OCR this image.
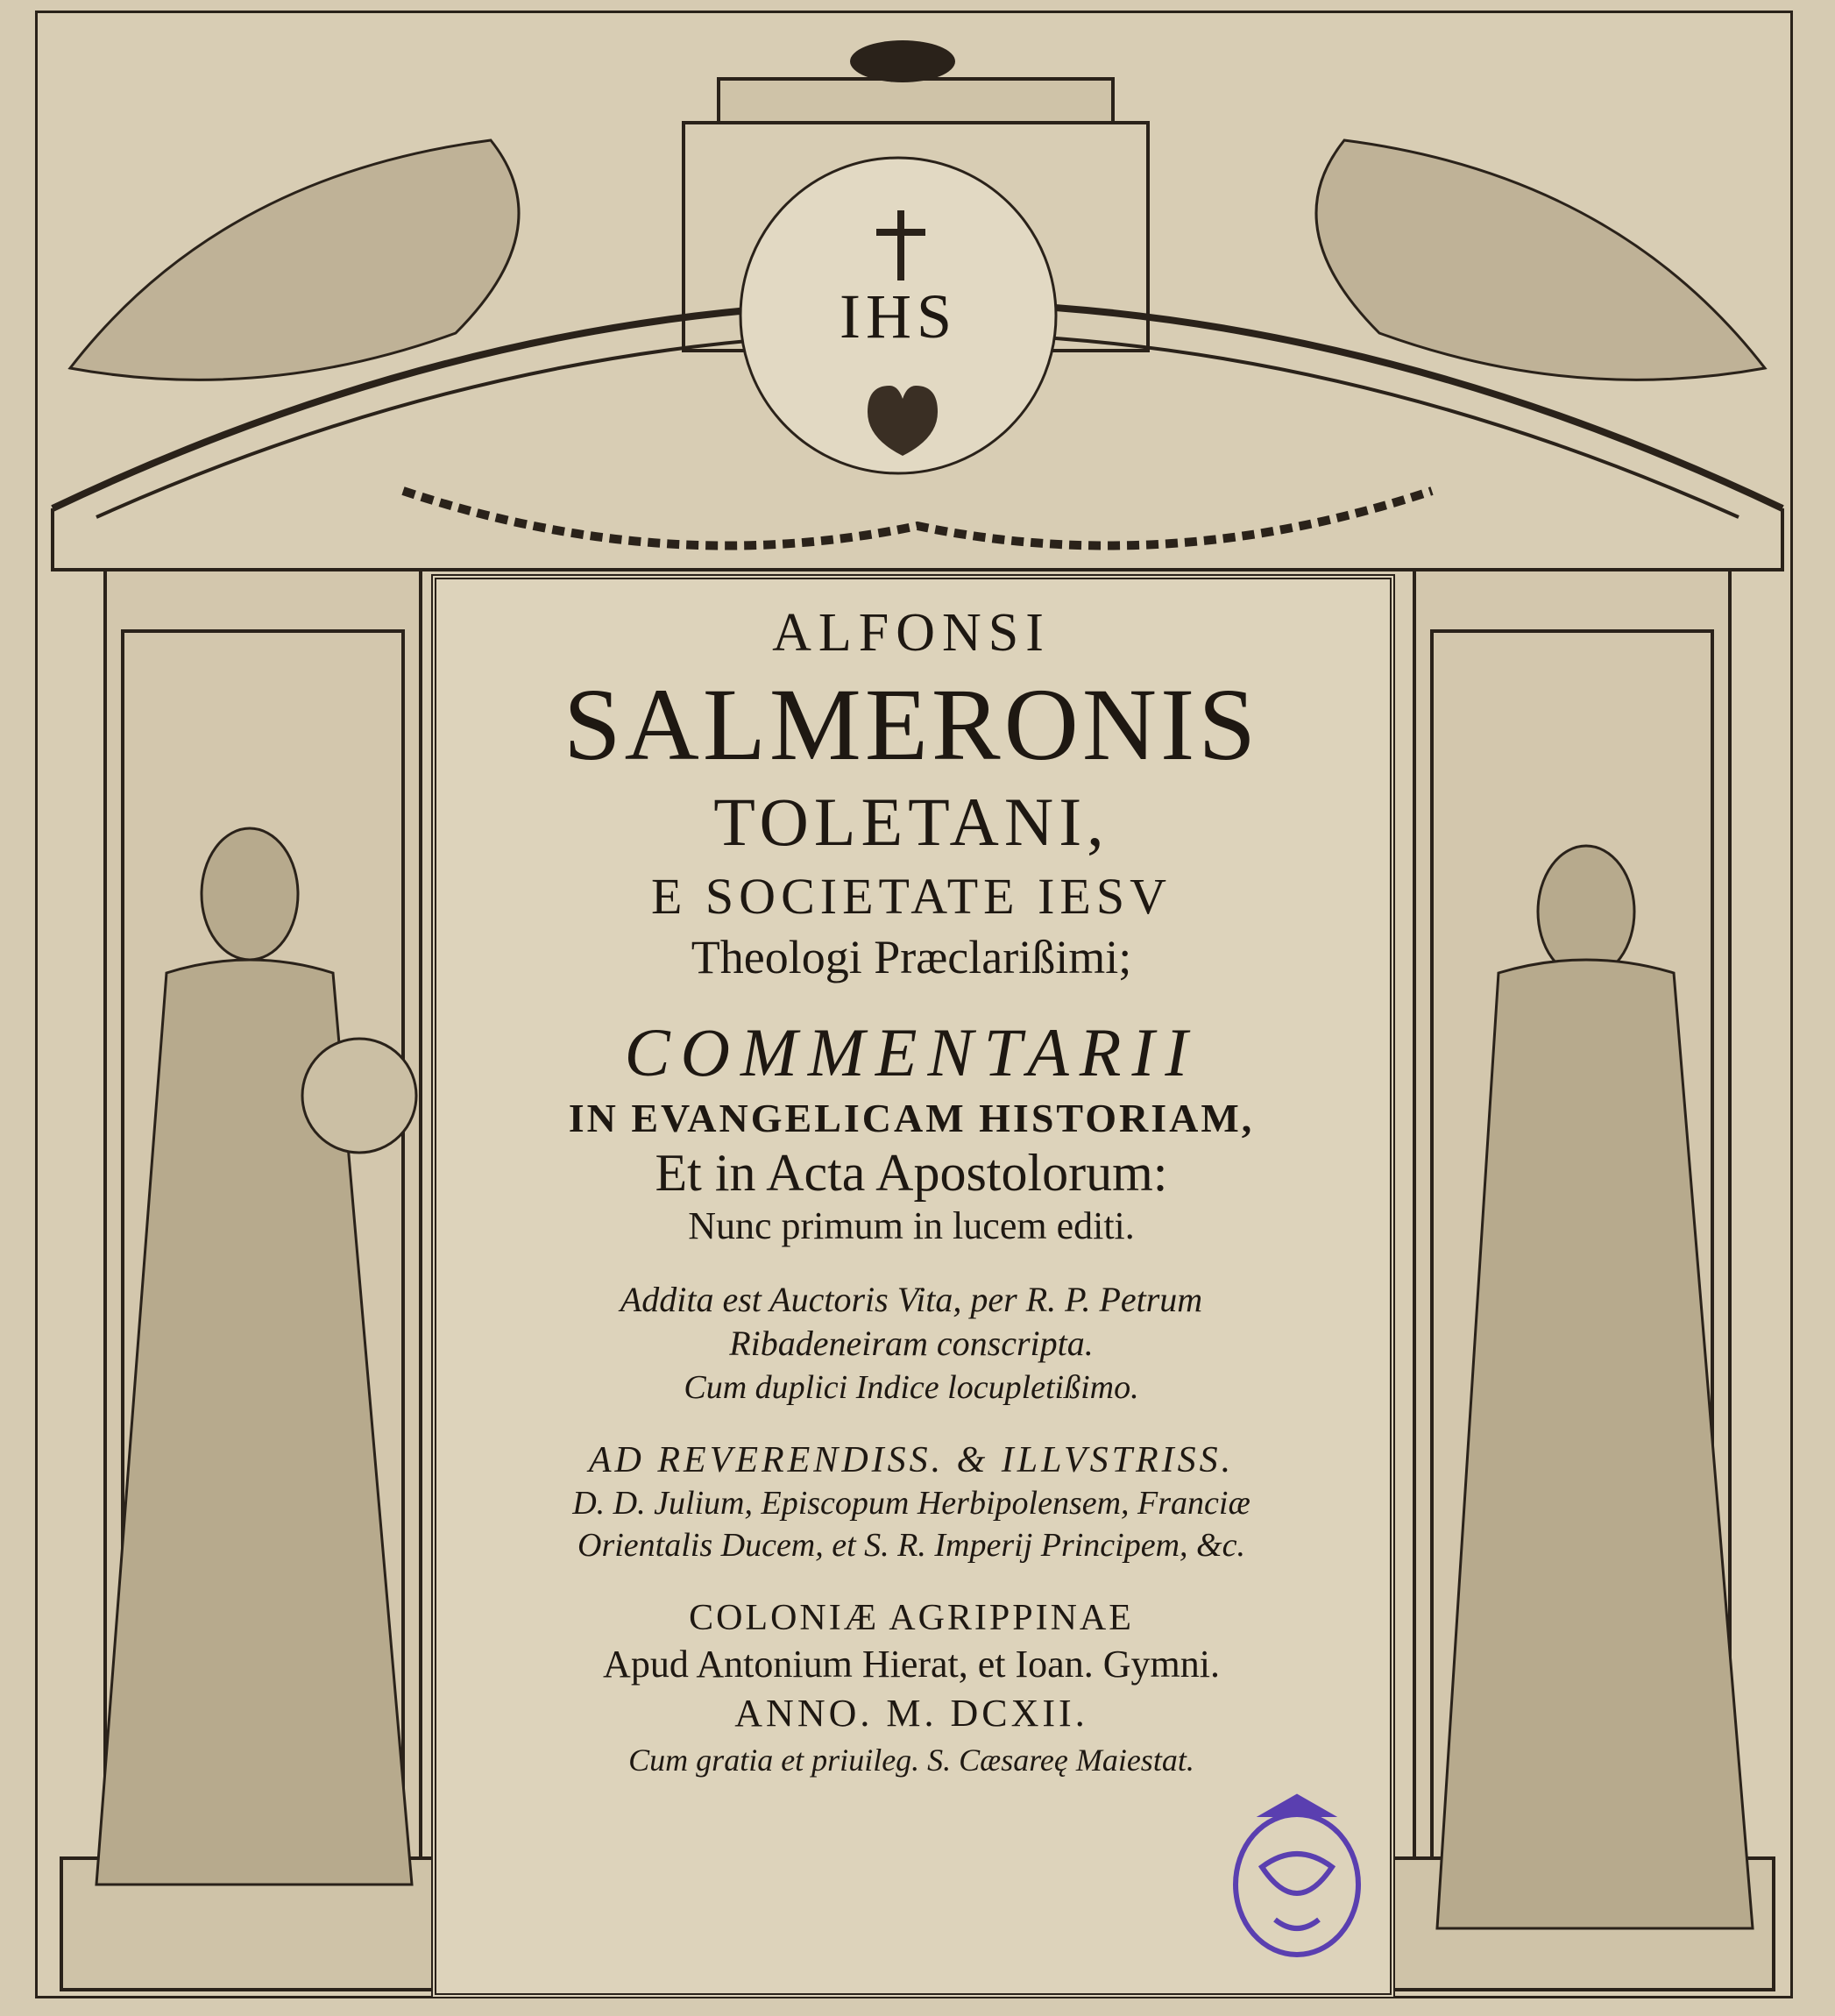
IHS
ALFONSI
SALMERONIS
TOLETANI,
E SOCIETATE IESV
Theologi Præclarißimi;
COMMENTARII
IN EVANGELICAM HISTORIAM,
Et in Acta Apostolorum:
Nunc primum in lucem editi.
Addita est Auctoris Vita, per R. P. Petrum
Ribadeneiram conscripta.
Cum duplici Indice locupletißimo.
AD REVERENDISS. & ILLVSTRISS.
D. D. Julium, Episcopum Herbipolensem, Franciæ
Orientalis Ducem, et S. R. Imperij Principem, &c.
COLONIÆ AGRIPPINAE
Apud Antonium Hierat, et Ioan. Gymni.
ANNO. M. DCXII.
Cum gratia et priuileg. S. Cæsareę Maiestat.
